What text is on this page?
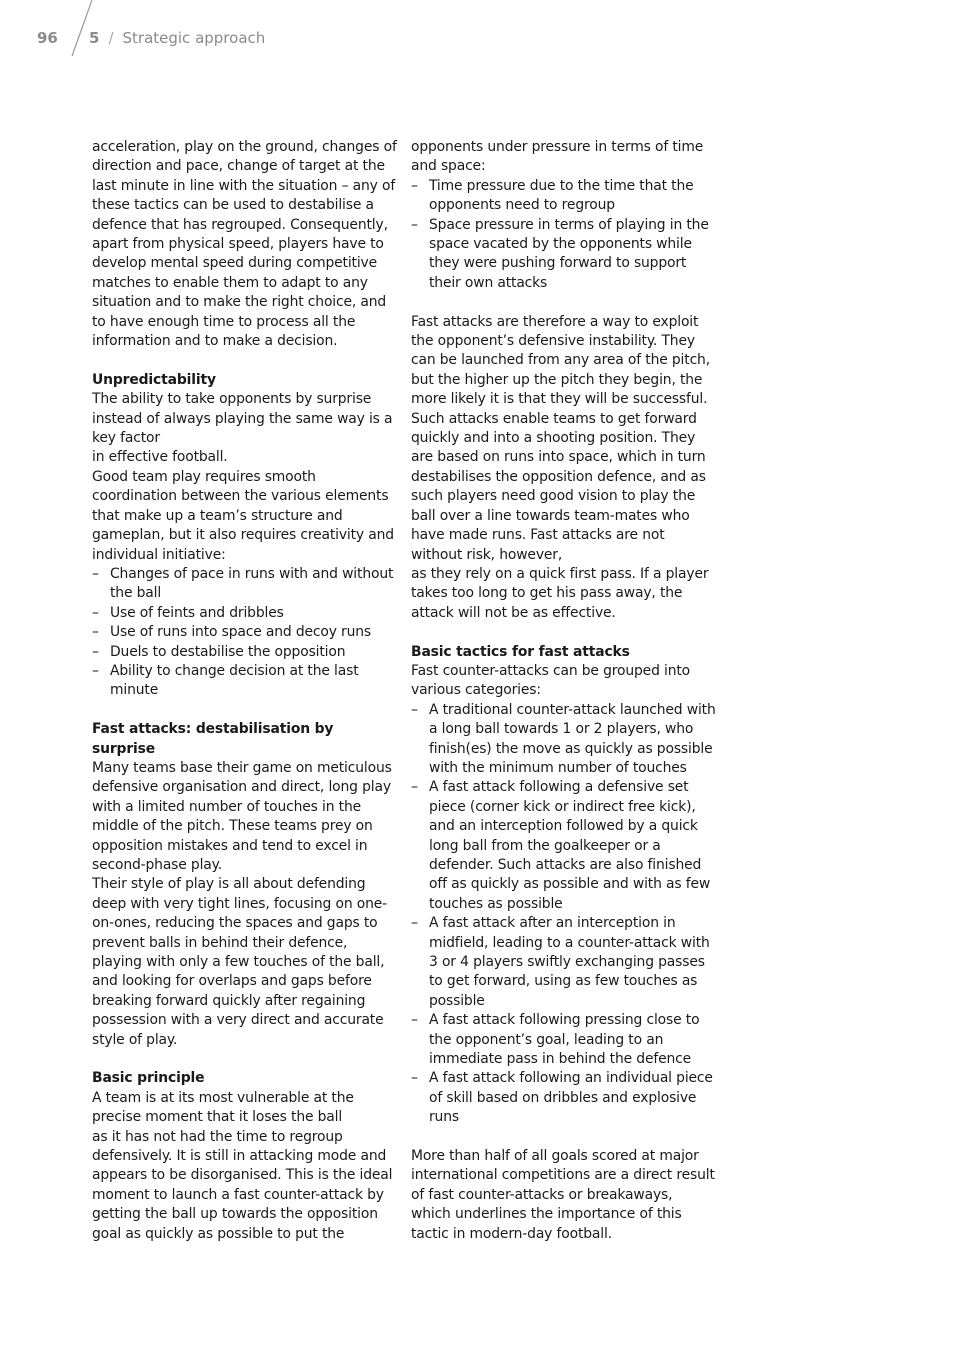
96 5 / Strategic approach

acceleration, play on the ground, changes of direction and pace, change of target at the last minute in line with the situation – any of these tactics can be used to destabilise a defence that has regrouped. Consequently, apart from physical speed, players have to develop mental speed during competitive matches to enable them to adapt to any situation and to make the right choice, and to have enough time to process all the information and to make a decision.

Unpredictability

The ability to take opponents by surprise instead of always playing the same way is a key factor

in effective football.

Good team play requires smooth coordination between the various elements that make up a team’s structure and gameplan, but it also requires creativity and individual initiative:

– Changes of pace in runs with and without the ball
– Use of feints and dribbles
– Use of runs into space and decoy runs
– Duels to destabilise the opposition
– Ability to change decision at the last minute
Fast attacks: destabilisation by surprise

Many teams base their game on meticulous defensive organisation and direct, long play with a limited number of touches in the middle of the pitch. These teams prey on opposition mistakes and tend to excel in second-phase play.

Their style of play is all about defending deep with very tight lines, focusing on one-on-ones, reducing the spaces and gaps to prevent balls in behind their defence, playing with only a few touches of the ball, and looking for overlaps and gaps before breaking forward quickly after regaining possession with a very direct and accurate style of play.

Basic principle

A team is at its most vulnerable at the precise moment that it loses the ball

as it has not had the time to regroup defensively. It is still in attacking mode and appears to be disorganised. This is the ideal moment to launch a fast counter-attack by getting the ball up towards the opposition goal as quickly as possible to put the

opponents under pressure in terms of time and space:

– Time pressure due to the time that the opponents need to regroup
– Space pressure in terms of playing in the space vacated by the opponents while they were pushing forward to support their own attacks

Fast attacks are therefore a way to exploit the opponent’s defensive instability. They can be launched from any area of the pitch, but the higher up the pitch they begin, the more likely it is that they will be successful. Such attacks enable teams to get forward quickly and into a shooting position. They are based on runs into space, which in turn destabilises the opposition defence, and as such players need good vision to play the ball over a line towards team-mates who have made runs. Fast attacks are not without risk, however,

as they rely on a quick first pass. If a player takes too long to get his pass away, the attack will not be as effective.

Basic tactics for fast attacks

Fast counter-attacks can be grouped into various categories:

– A traditional counter-attack launched with a long ball towards 1 or 2 players, who finish(es) the move as quickly as possible with the minimum number of touches
– A fast attack following a defensive set piece (corner kick or indirect free kick), and an interception followed by a quick long ball from the goalkeeper or a defender. Such attacks are also finished off as quickly as possible and with as few touches as possible
– A fast attack after an interception in midfield, leading to a counter-attack with 3 or 4 players swiftly exchanging passes to get forward, using as few touches as possible
– A fast attack following pressing close to the opponent’s goal, leading to an immediate pass in behind the defence
– A fast attack following an individual piece of skill based on dribbles and explosive runs

More than half of all goals scored at major international competitions are a direct result of fast counter-attacks or breakaways, which underlines the importance of this tactic in modern-day football.
